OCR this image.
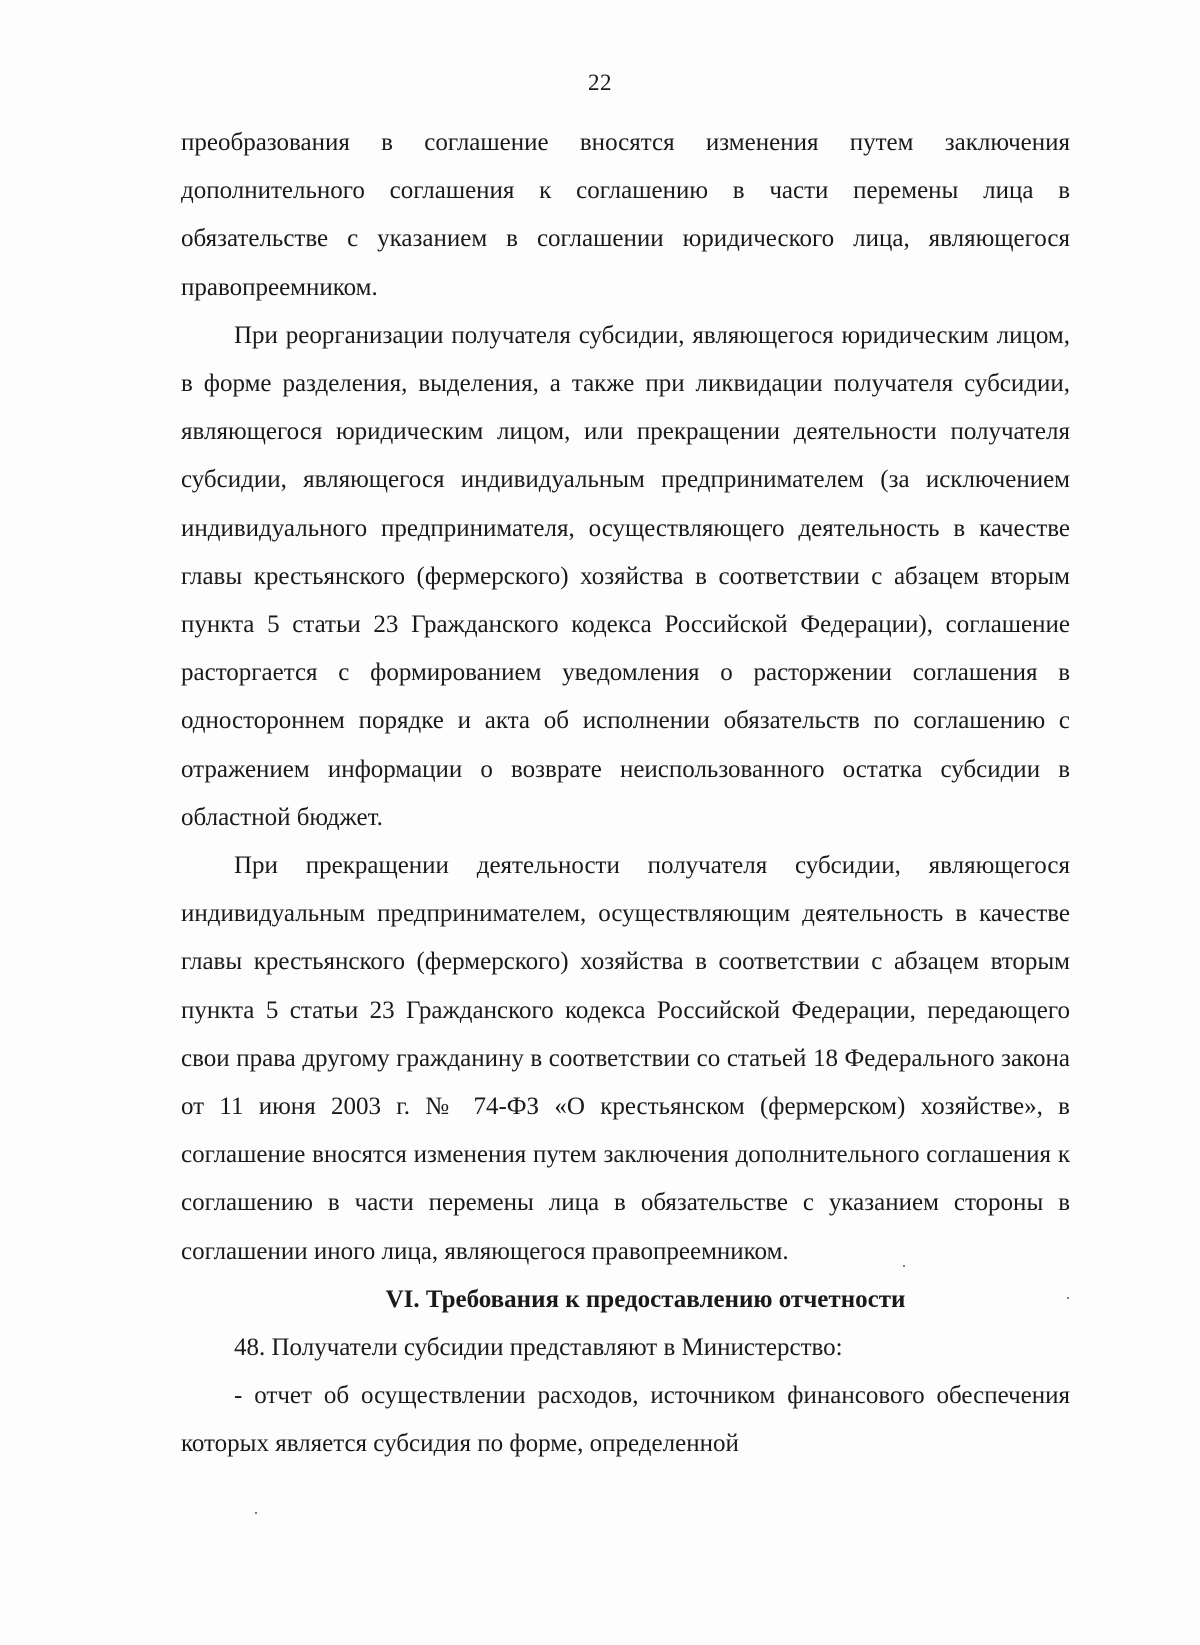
22

преобразования в соглашение вносятся изменения путем заключения дополнительного соглашения к соглашению в части перемены лица в обязательстве с указанием в соглашении юридического лица, являющегося правопреемником.

При реорганизации получателя субсидии, являющегося юридическим лицом, в форме разделения, выделения, а также при ликвидации получателя субсидии, являющегося юридическим лицом, или прекращении деятельности получателя субсидии, являющегося индивидуальным предпринимателем (за исключением индивидуального предпринимателя, осуществляющего деятельность в качестве главы крестьянского (фермерского) хозяйства в соответствии с абзацем вторым пункта 5 статьи 23 Гражданского кодекса Российской Федерации), соглашение расторгается с формированием уведомления о расторжении соглашения в одностороннем порядке и акта об исполнении обязательств по соглашению с отражением информации о возврате неиспользованного остатка субсидии в областной бюджет.

При прекращении деятельности получателя субсидии, являющегося индивидуальным предпринимателем, осуществляющим деятельность в качестве главы крестьянского (фермерского) хозяйства в соответствии с абзацем вторым пункта 5 статьи 23 Гражданского кодекса Российской Федерации, передающего свои права другому гражданину в соответствии со статьей 18 Федерального закона от 11 июня 2003 г. № 74-ФЗ «О крестьянском (фермерском) хозяйстве», в соглашение вносятся изменения путем заключения дополнительного соглашения к соглашению в части перемены лица в обязательстве с указанием стороны в соглашении иного лица, являющегося правопреемником.

VI. Требования к предоставлению отчетности

48. Получатели субсидии представляют в Министерство:

- отчет об осуществлении расходов, источником финансового обеспечения которых является субсидия по форме, определенной
